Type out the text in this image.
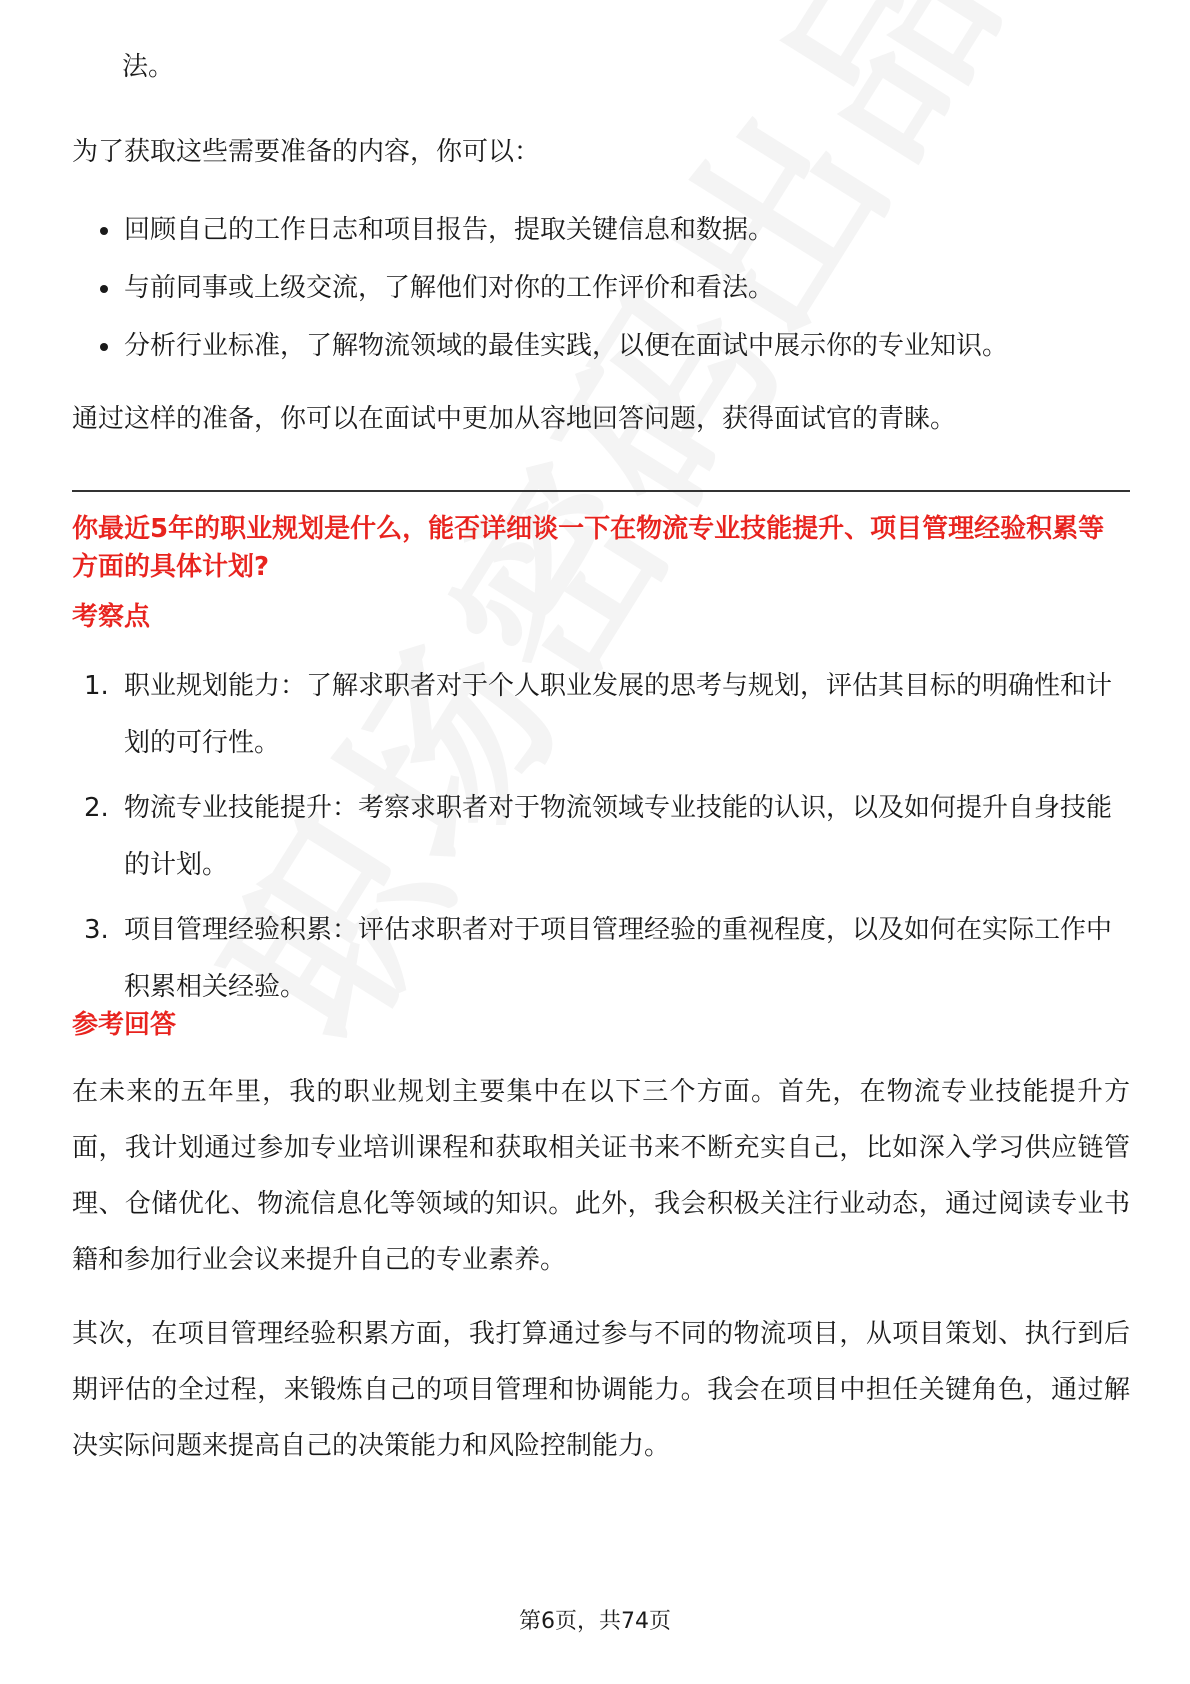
法。

为了获取这些需要准备的内容，你可以：

回顾自己的工作日志和项目报告，提取关键信息和数据。
与前同事或上级交流，了解他们对你的工作评价和看法。
分析行业标准，了解物流领域的最佳实践，以便在面试中展示你的专业知识。

通过这样的准备，你可以在面试中更加从容地回答问题，获得面试官的青睐。

你最近5年的职业规划是什么，能否详细谈一下在物流专业技能提升、项目管理经验积累等方面的具体计划?

考察点

1. 职业规划能力：了解求职者对于个人职业发展的思考与规划，评估其目标的明确性和计划的可行性。
2. 物流专业技能提升：考察求职者对于物流领域专业技能的认识，以及如何提升自身技能的计划。
3. 项目管理经验积累：评估求职者对于项目管理经验的重视程度，以及如何在实际工作中积累相关经验。

参考回答

在未来的五年里，我的职业规划主要集中在以下三个方面。首先，在物流专业技能提升方面，我计划通过参加专业培训课程和获取相关证书来不断充实自己，比如深入学习供应链管理、仓储优化、物流信息化等领域的知识。此外，我会积极关注行业动态，通过阅读专业书籍和参加行业会议来提升自己的专业素养。

其次，在项目管理经验积累方面，我打算通过参与不同的物流项目，从项目策划、执行到后期评估的全过程，来锻炼自己的项目管理和协调能力。我会在项目中担任关键角色，通过解决实际问题来提高自己的决策能力和风险控制能力。

第6页，共74页
